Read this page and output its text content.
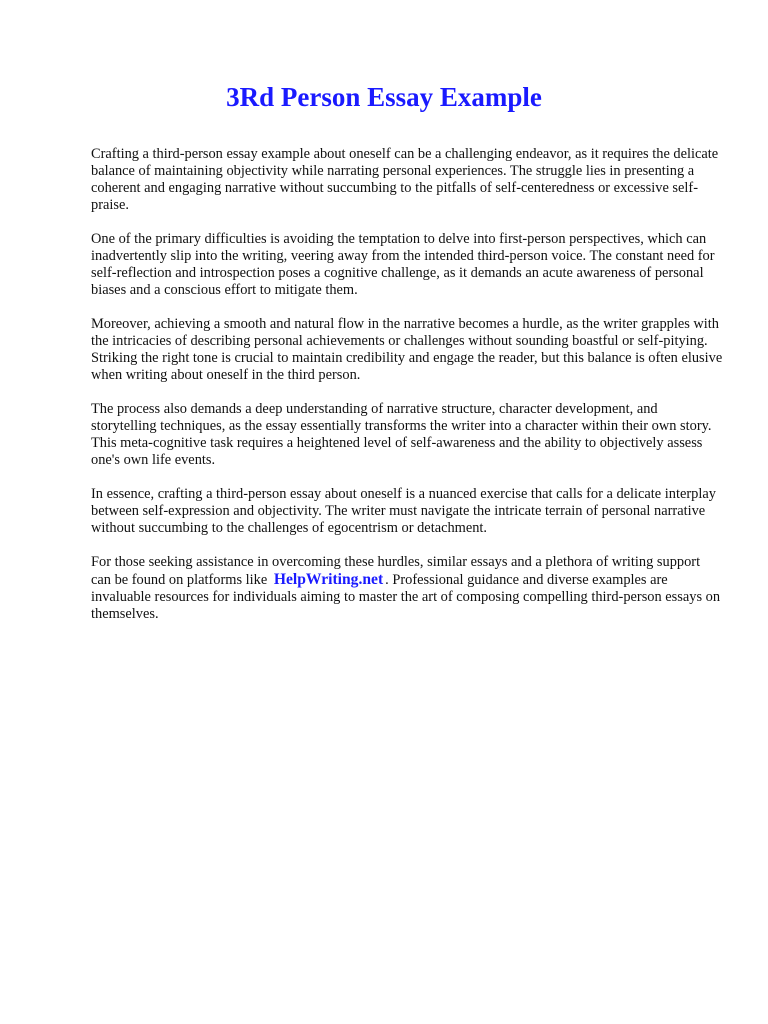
3Rd Person Essay Example

Crafting a third-person essay example about oneself can be a challenging endeavor, as it requires the delicate balance of maintaining objectivity while narrating personal experiences. The struggle lies in presenting a coherent and engaging narrative without succumbing to the pitfalls of self-centeredness or excessive self-praise.

One of the primary difficulties is avoiding the temptation to delve into first-person perspectives, which can inadvertently slip into the writing, veering away from the intended third-person voice. The constant need for self-reflection and introspection poses a cognitive challenge, as it demands an acute awareness of personal biases and a conscious effort to mitigate them.

Moreover, achieving a smooth and natural flow in the narrative becomes a hurdle, as the writer grapples with the intricacies of describing personal achievements or challenges without sounding boastful or self-pitying. Striking the right tone is crucial to maintain credibility and engage the reader, but this balance is often elusive when writing about oneself in the third person.

The process also demands a deep understanding of narrative structure, character development, and storytelling techniques, as the essay essentially transforms the writer into a character within their own story. This meta-cognitive task requires a heightened level of self-awareness and the ability to objectively assess one's own life events.

In essence, crafting a third-person essay about oneself is a nuanced exercise that calls for a delicate interplay between self-expression and objectivity. The writer must navigate the intricate terrain of personal narrative without succumbing to the challenges of egocentrism or detachment.

For those seeking assistance in overcoming these hurdles, similar essays and a plethora of writing support can be found on platforms like HelpWriting.net . Professional guidance and diverse examples are invaluable resources for individuals aiming to master the art of composing compelling third-person essays on themselves.
